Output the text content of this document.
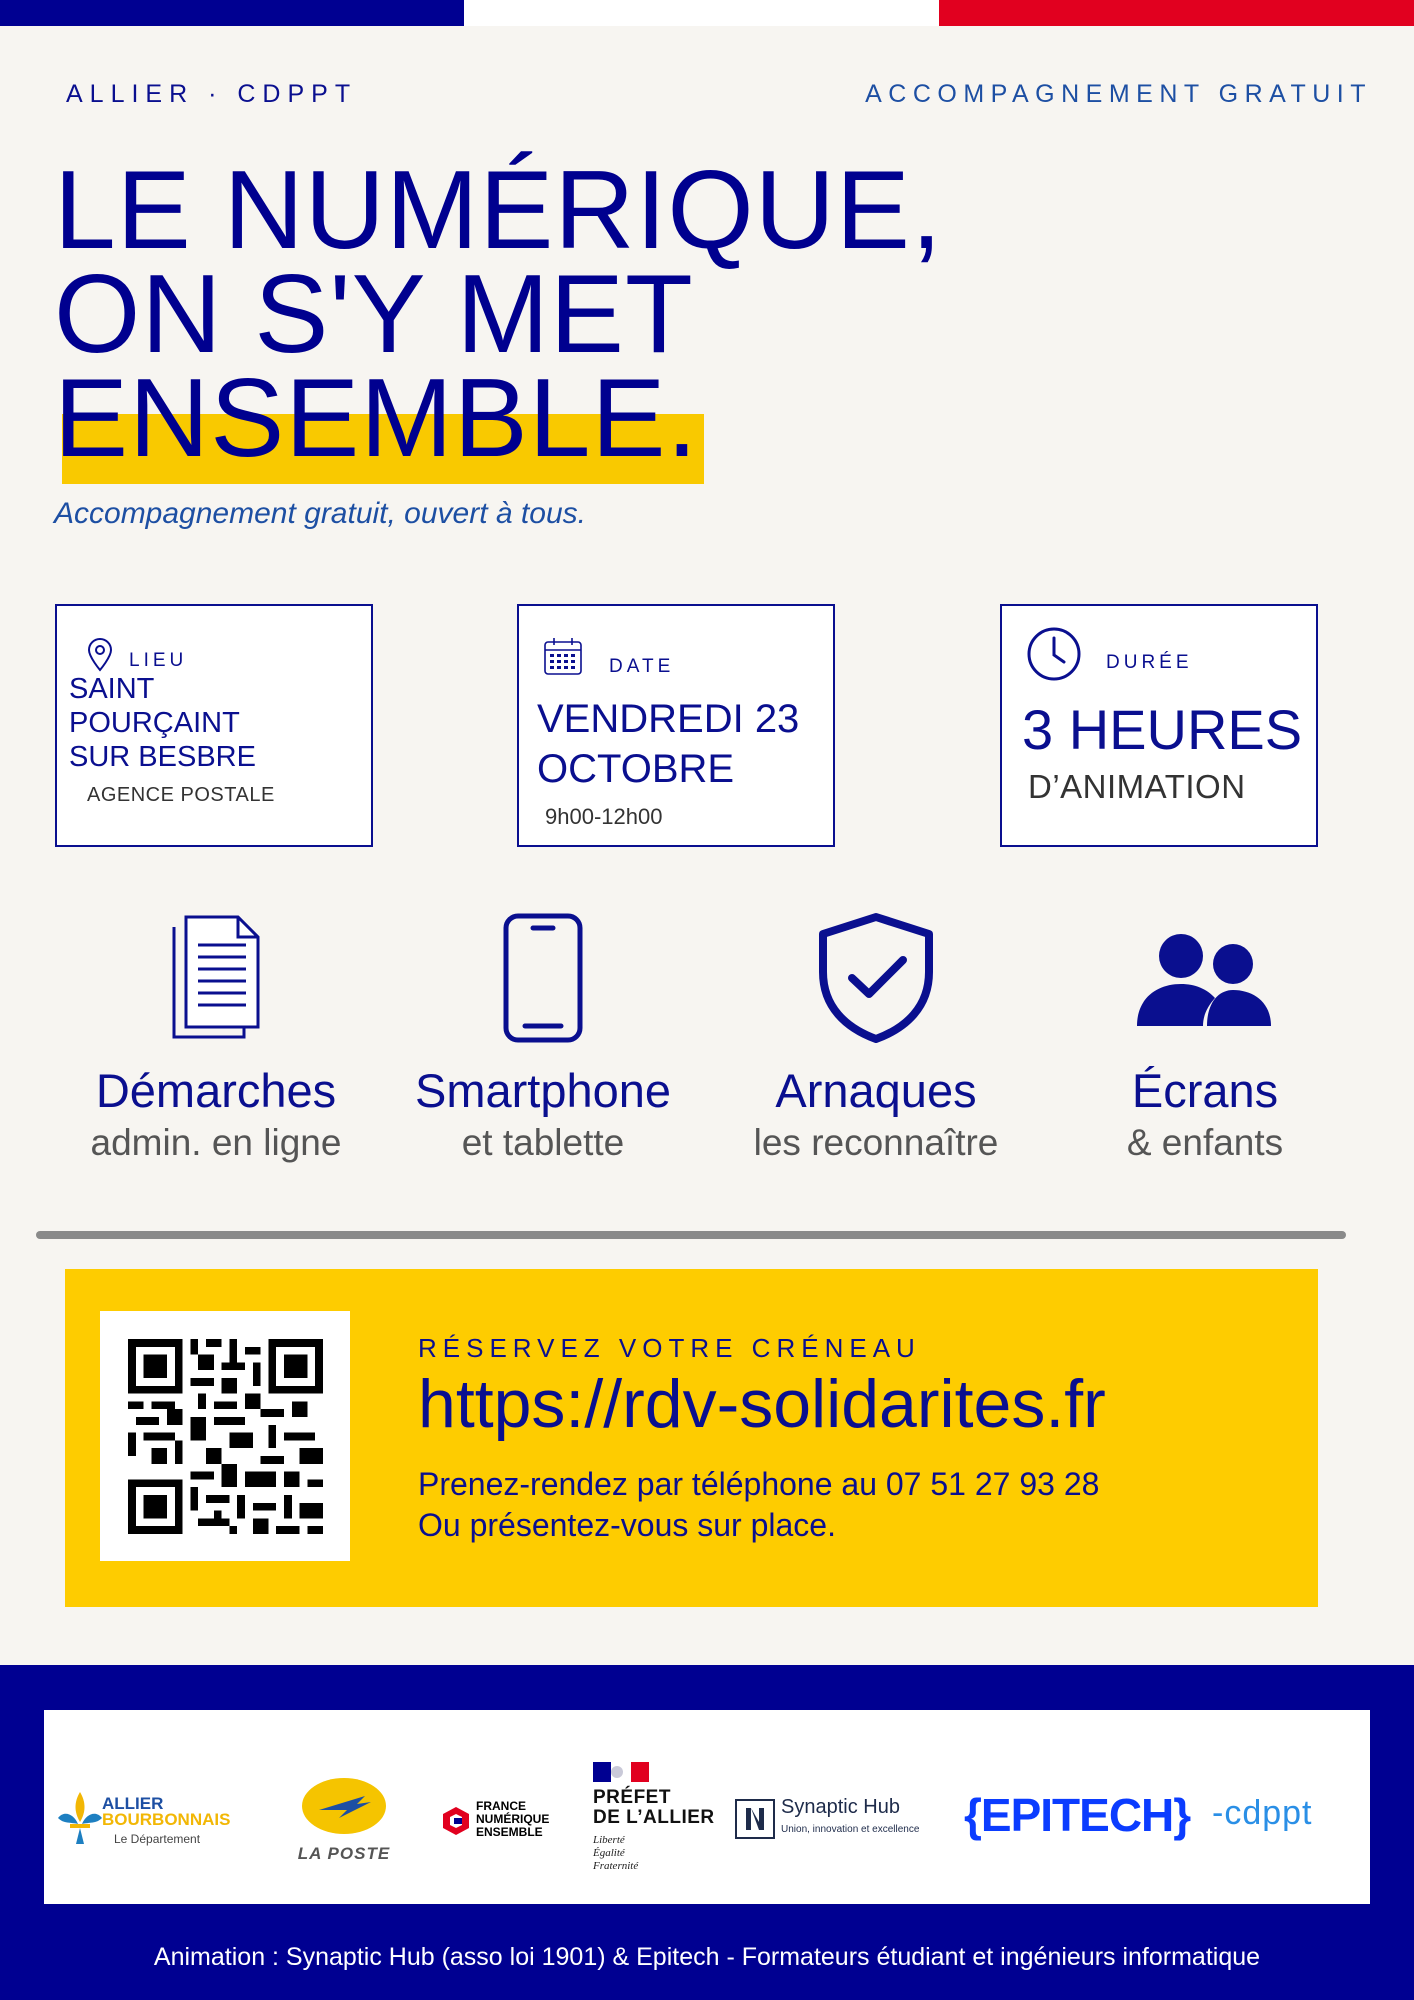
ALLIER · CDPPT	ACCOMPAGNEMENT GRATUIT
LE NUMÉRIQUE,
ON S'Y MET
ENSEMBLE.
Accompagnement gratuit, ouvert à tous.
LIEU
SAINT
POURÇAINT
SUR BESBRE
AGENCE POSTALE
DATE
VENDREDI 23
OCTOBRE
9h00-12h00
DURÉE
3 HEURES
D’ANIMATION
Démarches
admin. en ligne
Smartphone
et tablette
Arnaques
les reconnaître
Écrans
& enfants
RÉSERVEZ VOTRE CRÉNEAU
https://rdv-solidarites.fr
Prenez-rendez par téléphone au 07 51 27 93 28
Ou présentez-vous sur place.
ALLIER
BOURBONNAIS
Le Département
LA POSTE
FRANCE
NUMÉRIQUE
ENSEMBLE
PRÉFET
DE L’ALLIER
Liberté
Égalité
Fraternité
Synaptic Hub
Union, innovation et excellence {EPITECH} -cdppt
Animation : Synaptic Hub (asso loi 1901) & Epitech - Formateurs étudiant et ingénieurs informatique
